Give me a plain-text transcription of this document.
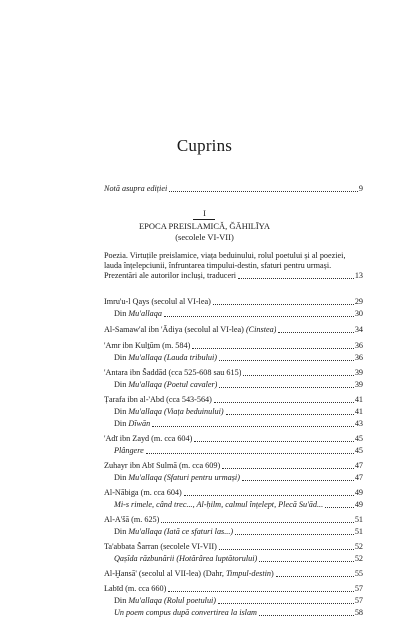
Cuprins
Notă asupra ediției	9
I
EPOCA PREISLAMICĂ, ĞĀHILĪYA
(secolele VI-VII)
Poezia. Virtuțile preislamice, viața beduinului, rolul poetului și al poeziei,
lauda înțelepciunii, înfruntarea timpului-destin, sfaturi pentru urmași.
Prezentări ale autorilor incluși, traduceri	13
Imru'u-l Qays (secolul al VI-lea)	29
Din Mu'allaqa	30
Al-Samaw'al ibn 'Ādiya (secolul al VI-lea) (Cinstea)	34
'Amr ibn Kulṯūm (m. 584)	36
Din Mu'allaqa (Lauda tribului)	36
'Antara ibn Šaddād (cca 525-608 sau 615)	39
Din Mu'allaqa (Poetul cavaler)	39
Ṭarafa ibn al-'Abd (cca 543-564)	41
Din Mu'allaqa (Viața beduinului)	41
Din Dīwān	43
'Adī ibn Zayd (m. cca 604)	45
Plângere	45
Zuhayr ibn Abī Sulmā (m. cca 609)	47
Din Mu'allaqa (Sfaturi pentru urmași)	47
Al-Nābiga (m. cca 604)	49
Mi-s rimele, când trec..., Al-ḥilm, calmul înțelept, Plecă Su'ād...	49
Al-A'šā (m. 625)	51
Din Mu'allaqa (Iată ce sfaturi las...)	51
Ta'abbata Šarran (secolele VI-VII)	52
Qaṣīda răzbunării (Hotărârea luptătorului)	52
Al-Ḫansā' (secolul al VII-lea) (Dahr, Timpul-destin)	55
Labīd (m. cca 660)	57
Din Mu'allaqa (Rolul poetului)	57
Un poem compus după convertirea la islam	58
